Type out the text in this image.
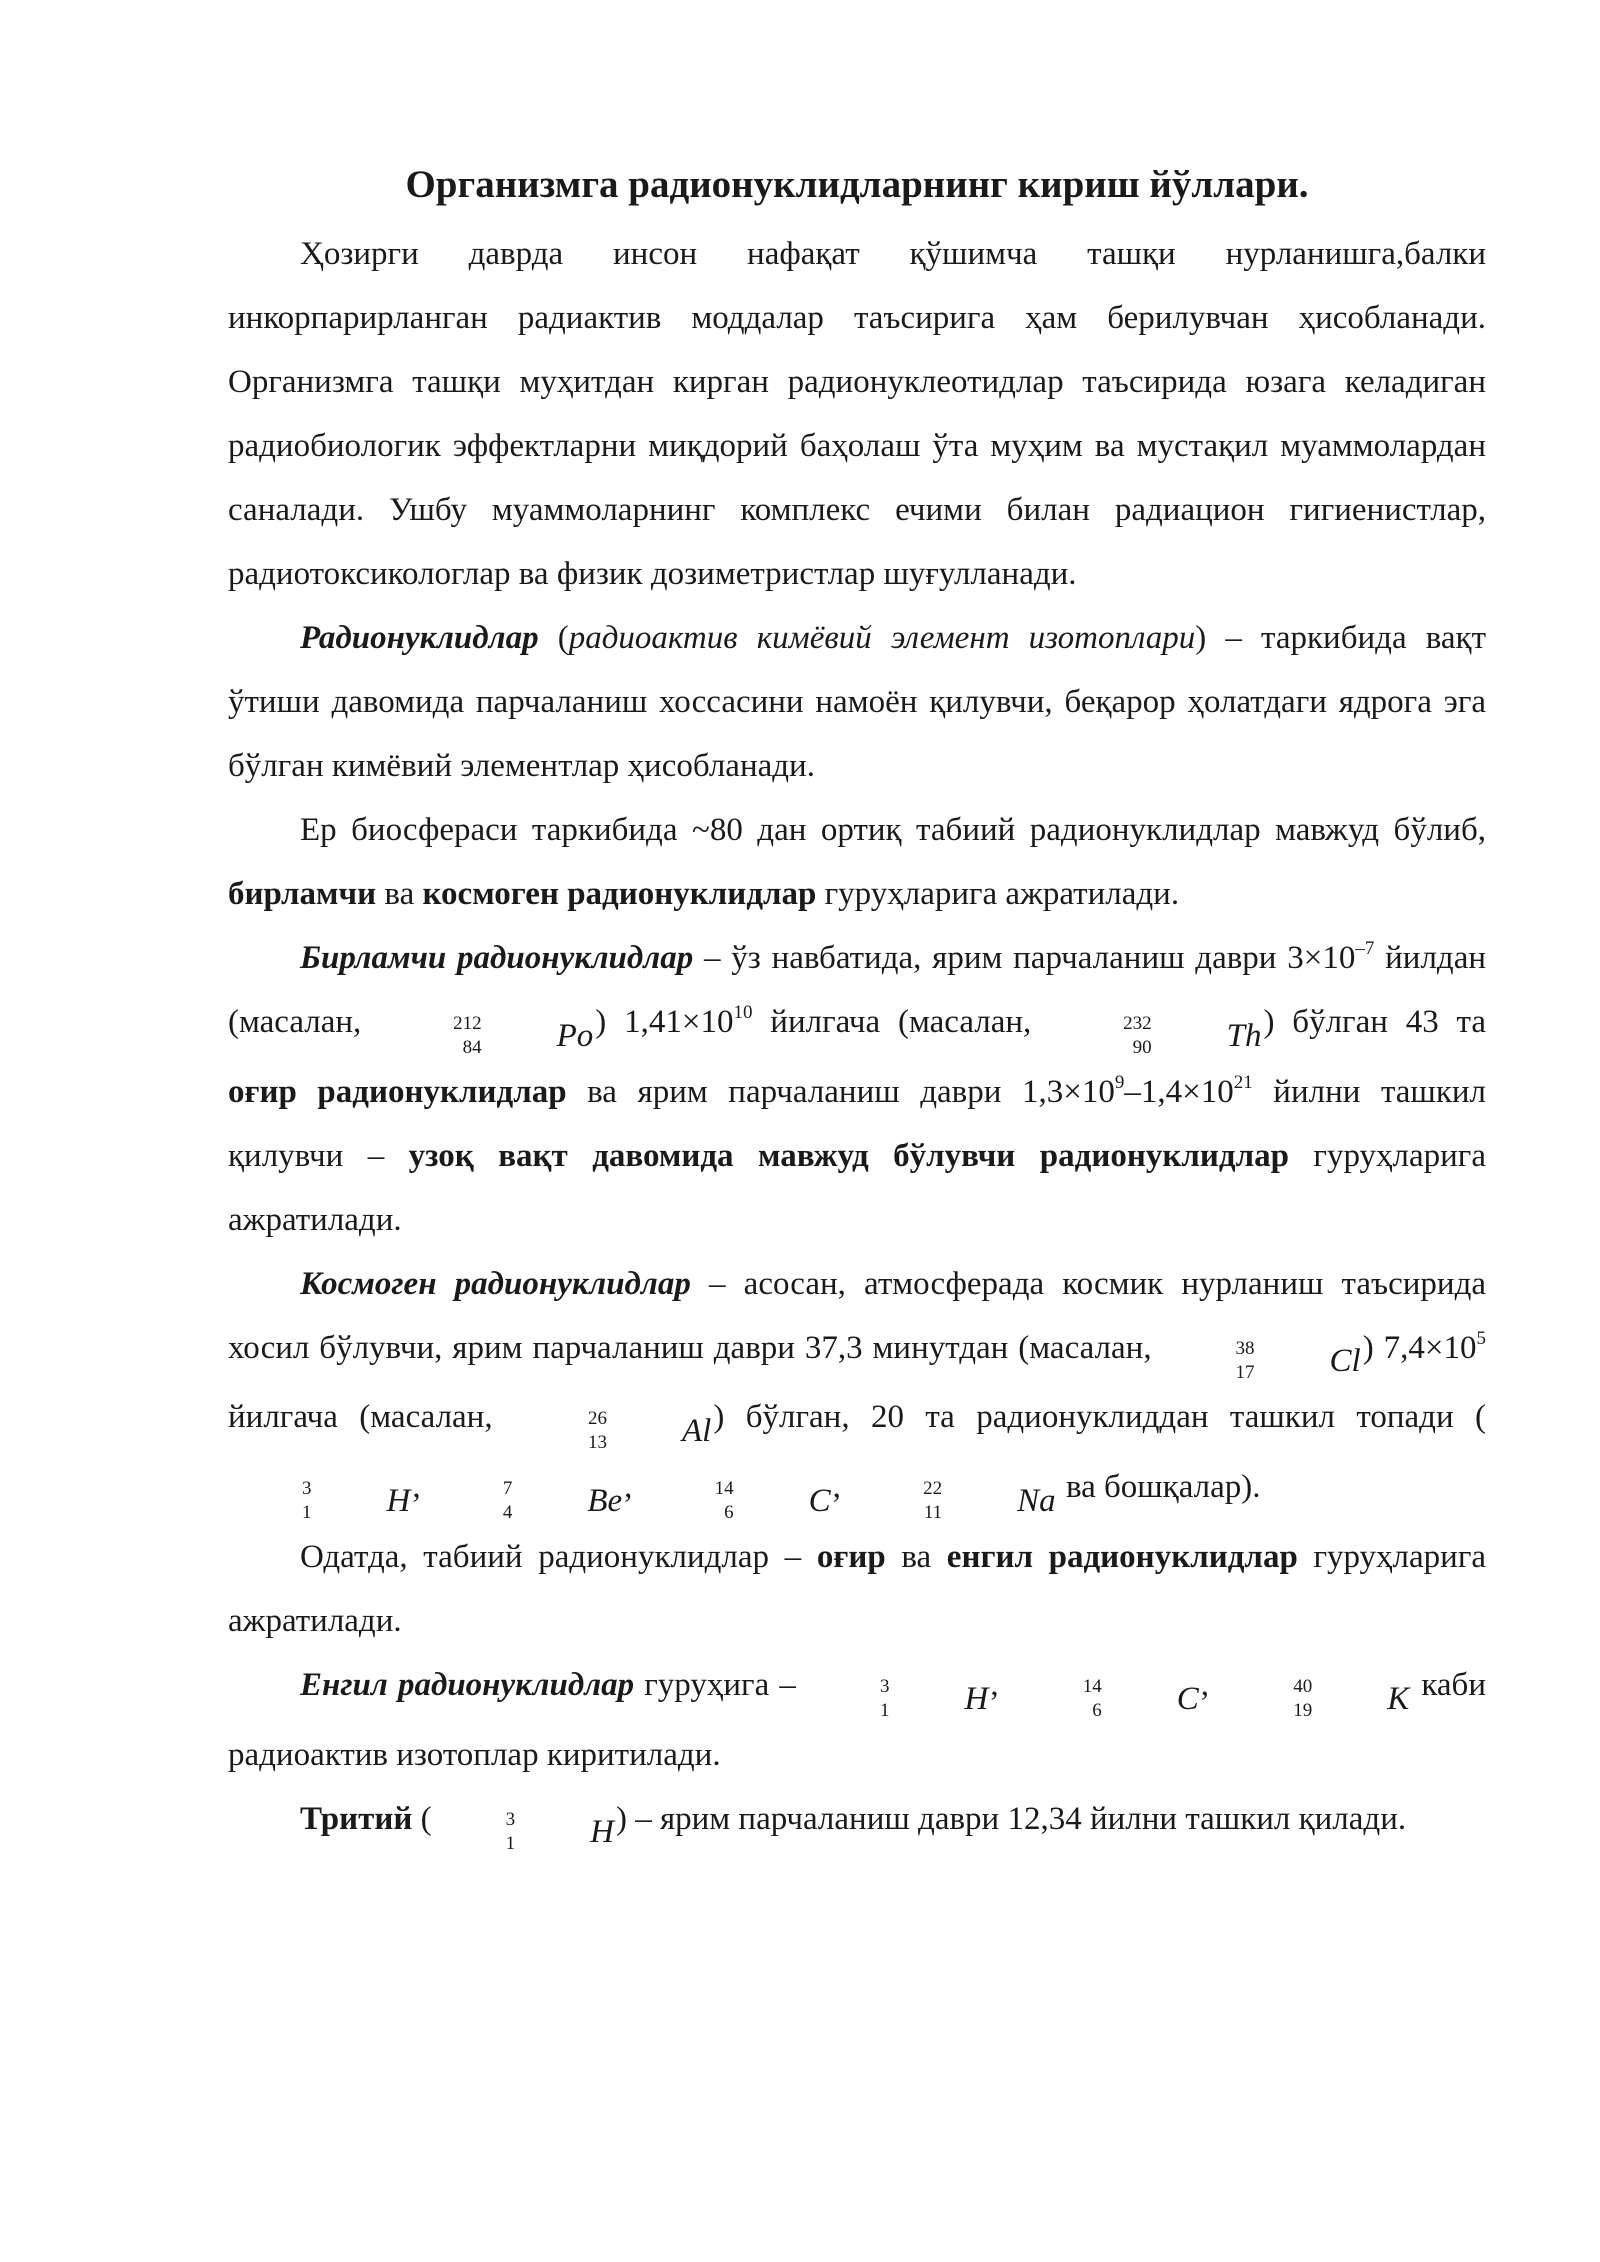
Организмга радионуклидларнинг кириш йўллари.

Ҳозирги даврда инсон нафақат қўшимча ташқи нурланишга,балки инкорпарирланган радиактив моддалар таъсирига ҳам берилувчан ҳисобланади. Организмга ташқи муҳитдан кирган радионуклеотидлар таъсирида юзага келадиган радиобиологик эффектларни миқдорий баҳолаш ўта муҳим ва мустақил муаммолардан саналади. Ушбу муаммоларнинг комплекс ечими билан радиацион гигиенистлар, радиотоксикологлар ва физик дозиметристлар шуғулланади.

Радионуклидлар (радиоактив кимёвий элемент изотоплари) – таркибида вақт ўтиши давомида парчаланиш хоссасини намоён қилувчи, беқарор ҳолатдаги ядрога эга бўлган кимёвий элементлар ҳисобланади.

Ер биосфераси таркибида ~80 дан ортиқ табиий радионуклидлар мавжуд бўлиб, бирламчи ва космоген радионуклидлар гуруҳларига ажратилади.

Бирламчи радионуклидлар – ўз навбатида, ярим парчаланиш даври $3\times 10^{-7}$ йилдан (масалан,	212
84	Po ) $1,41\times 10^{10}$ йилгача (масалан,	232
90	Th ) бўлган 43 та оғир радионуклидлар ва ярим парчаланиш даври $1,3\times 10^9-1,4\times 10^{21}$ йилни ташкил қилувчи – узоқ вақт давомида мавжуд бўлувчи радионуклидлар гуруҳларига ажратилади.

Космоген радионуклидлар – асосан, атмосферада космик нурланиш таъсирида хосил бўлувчи, ярим парчаланиш даври 37,3 минутдан (масалан,	38
17	Cl ) $7,4\times 10^5$ йилгача (масалан,	26
13	Al ) бўлган, 20 та радионуклиддан ташкил топади (
3
1	H ,	7
4	Be ,	14
6	C ,	22
11	Na ва бошқалар).

Одатда, табиий радионуклидлар – оғир ва енгил радионуклидлар гуруҳларига ажратилади.

Енгил радионуклидлар гуруҳига –	3
1	H ,	14
6	C ,	40
19	K каби радиоактив изотоплар киритилади.

Тритий (	3
1	H ) – ярим парчаланиш даври 12,34 йилни ташкил қилади.
